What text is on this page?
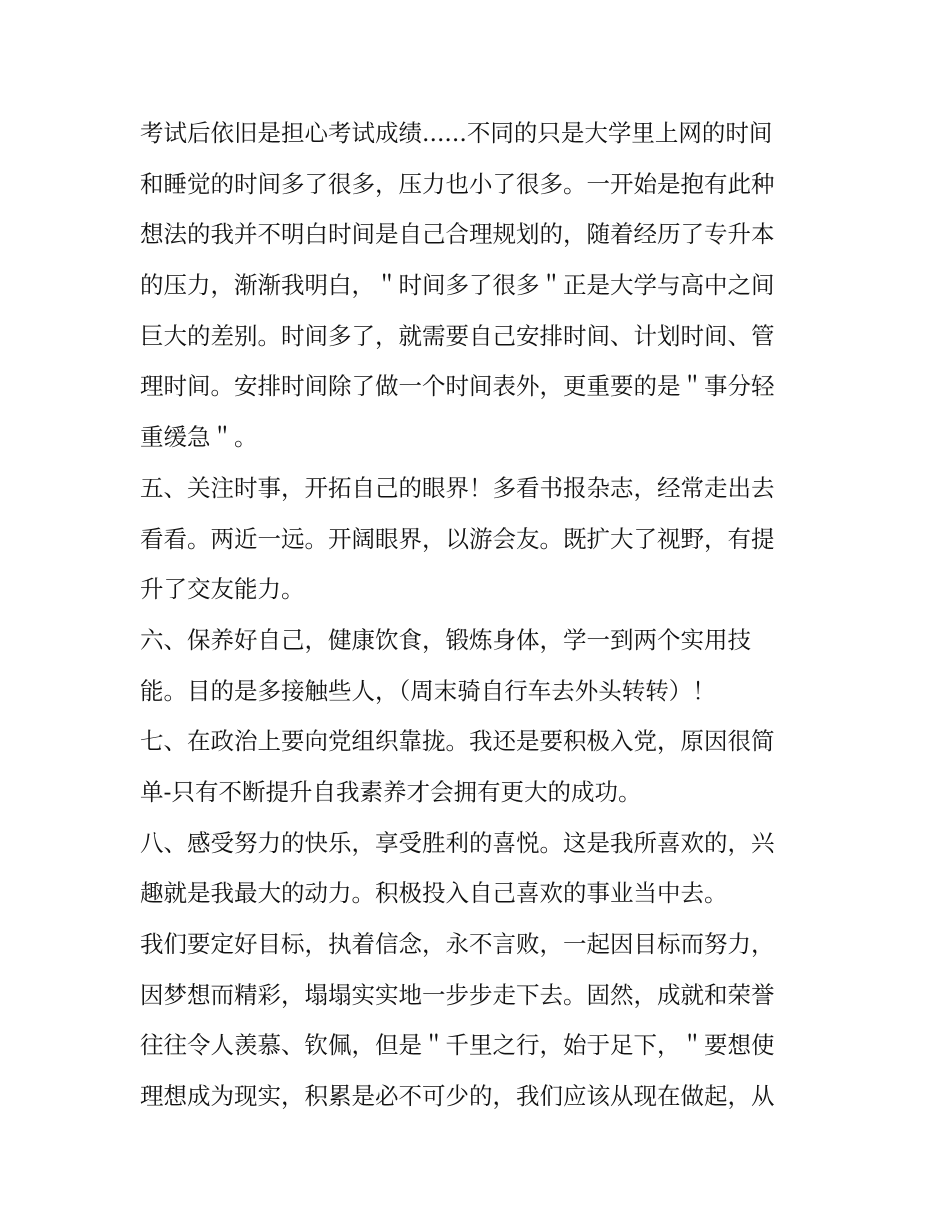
考试后依旧是担心考试成绩......不同的只是大学里上网的时间
和睡觉的时间多了很多，压力也小了很多。一开始是抱有此种
想法的我并不明白时间是自己合理规划的，随着经历了专升本
的压力，渐渐我明白，＂时间多了很多＂正是大学与高中之间
巨大的差别。时间多了，就需要自己安排时间、计划时间、管
理时间。安排时间除了做一个时间表外，更重要的是＂事分轻
重缓急＂。
五、关注时事，开拓自己的眼界！多看书报杂志，经常走出去
看看。两近一远。开阔眼界，以游会友。既扩大了视野，有提
升了交友能力。
六、保养好自己，健康饮食，锻炼身体，学一到两个实用技
能。目的是多接触些人，（周末骑自行车去外头转转）！
七、在政治上要向党组织靠拢。我还是要积极入党，原因很简
单-只有不断提升自我素养才会拥有更大的成功。
八、感受努力的快乐，享受胜利的喜悦。这是我所喜欢的，兴
趣就是我最大的动力。积极投入自己喜欢的事业当中去。
我们要定好目标，执着信念，永不言败，一起因目标而努力，
因梦想而精彩，塌塌实实地一步步走下去。固然，成就和荣誉
往往令人羡慕、钦佩，但是＂千里之行，始于足下，＂要想使
理想成为现实，积累是必不可少的，我们应该从现在做起，从
